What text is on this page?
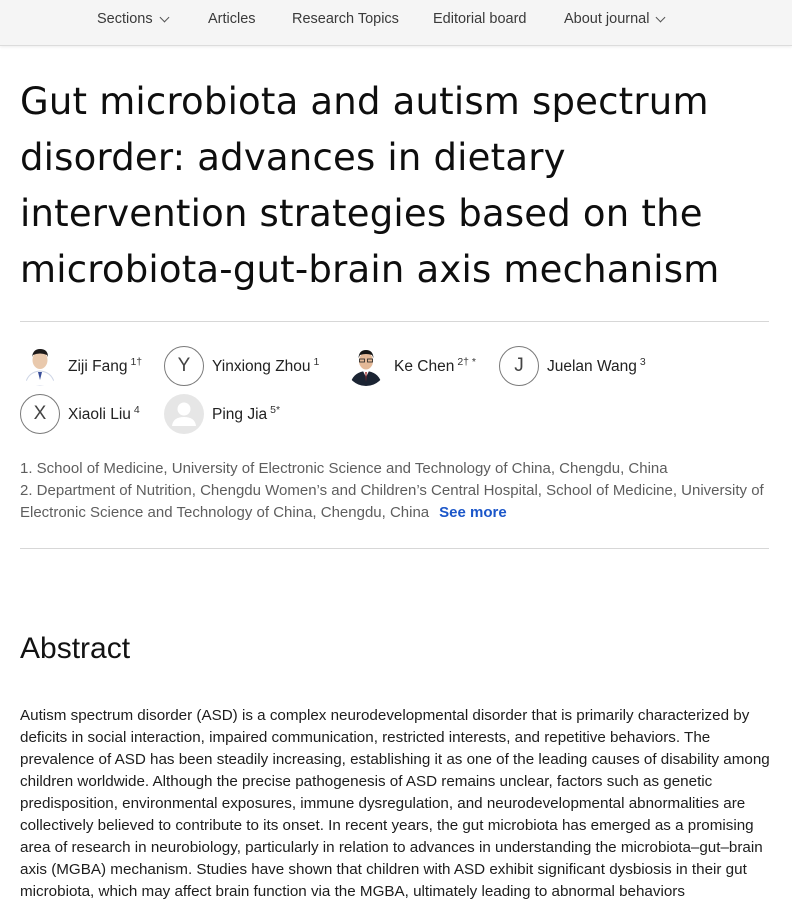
Sections	Articles	Research Topics Editorial board	About journal
Gut microbiota and autism spectrum disorder: advances in dietary intervention strategies based on the microbiota-gut-brain axis mechanism
Ziji Fang $^{1\dagger}$	Y	Yinxiong Zhou $^1$	Ke Chen $^{2\dagger *}$	J	Juelan Wang $^3$
X	Xiaoli Liu $^4$	Ping Jia $^{5*}$
1. School of Medicine, University of Electronic Science and Technology of China, Chengdu, China
2. Department of Nutrition, Chengdu Women’s and Children’s Central Hospital, School of Medicine, University of Electronic Science and Technology of China, Chengdu, China See more
Abstract

Autism spectrum disorder (ASD) is a complex neurodevelopmental disorder that is primarily characterized by deficits in social interaction, impaired communication, restricted interests, and repetitive behaviors. The prevalence of ASD has been steadily increasing, establishing it as one of the leading causes of disability among children worldwide. Although the precise pathogenesis of ASD remains unclear, factors such as genetic predisposition, environmental exposures, immune dysregulation, and neurodevelopmental abnormalities are collectively believed to contribute to its onset. In recent years, the gut microbiota has emerged as a promising area of research in neurobiology, particularly in relation to advances in understanding the microbiota–gut–brain axis (MGBA) mechanism. Studies have shown that children with ASD exhibit significant dysbiosis in their gut microbiota, which may affect brain function via the MGBA, ultimately leading to abnormal behaviors
